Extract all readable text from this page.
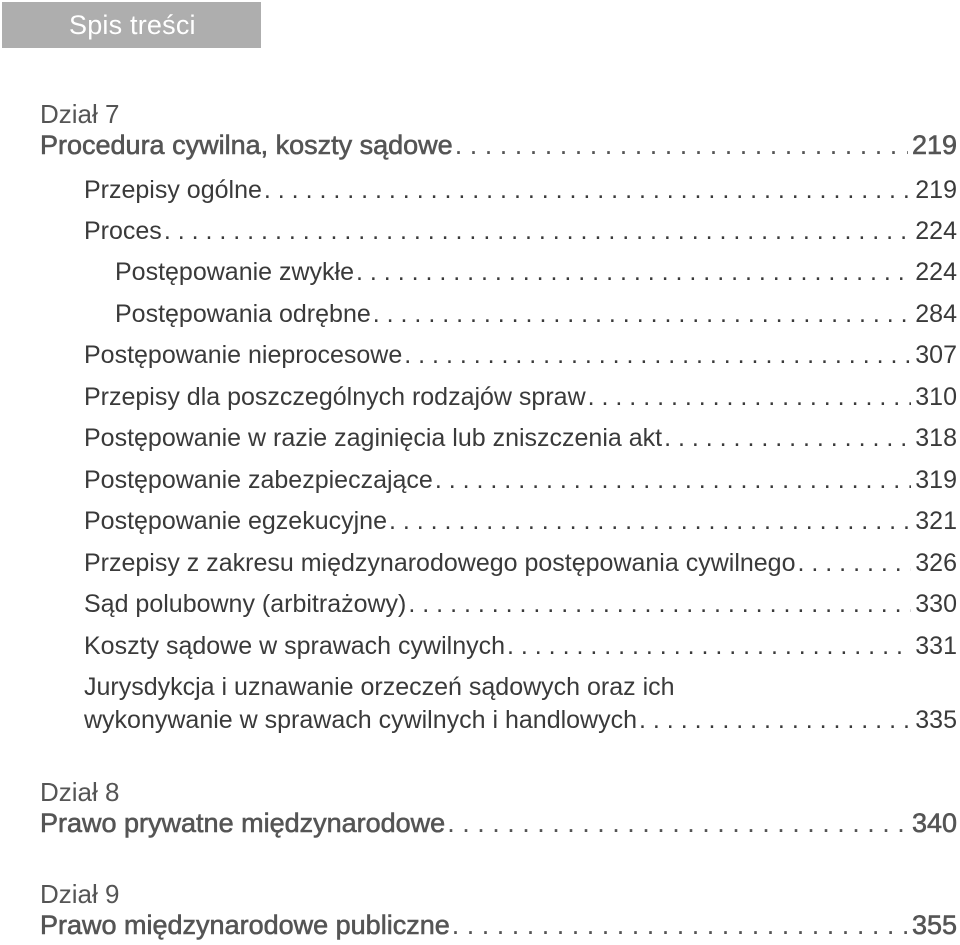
Spis treści
Dział 7
Procedura cywilna, koszty sądowe . . .	219
Przepisy ogólne . . .	219
Proces . . .	224
Postępowanie zwykłe . . .	224
Postępowania odrębne . . .	284
Postępowanie nieprocesowe . . .	307
Przepisy dla poszczególnych rodzajów spraw . . .	310
Postępowanie w razie zaginięcia lub zniszczenia akt . . .	318
Postępowanie zabezpieczające . . .	319
Postępowanie egzekucyjne . . .	321
Przepisy z zakresu międzynarodowego postępowania cywilnego . . .	326
Sąd polubowny (arbitrażowy) . . .	330
Koszty sądowe w sprawach cywilnych . . .	331
Jurysdykcja i uznawanie orzeczeń sądowych oraz ich
wykonywanie w sprawach cywilnych i handlowych . . .	335
Dział 8
Prawo prywatne międzynarodowe . . .	340
Dział 9
Prawo międzynarodowe publiczne . . .	355
